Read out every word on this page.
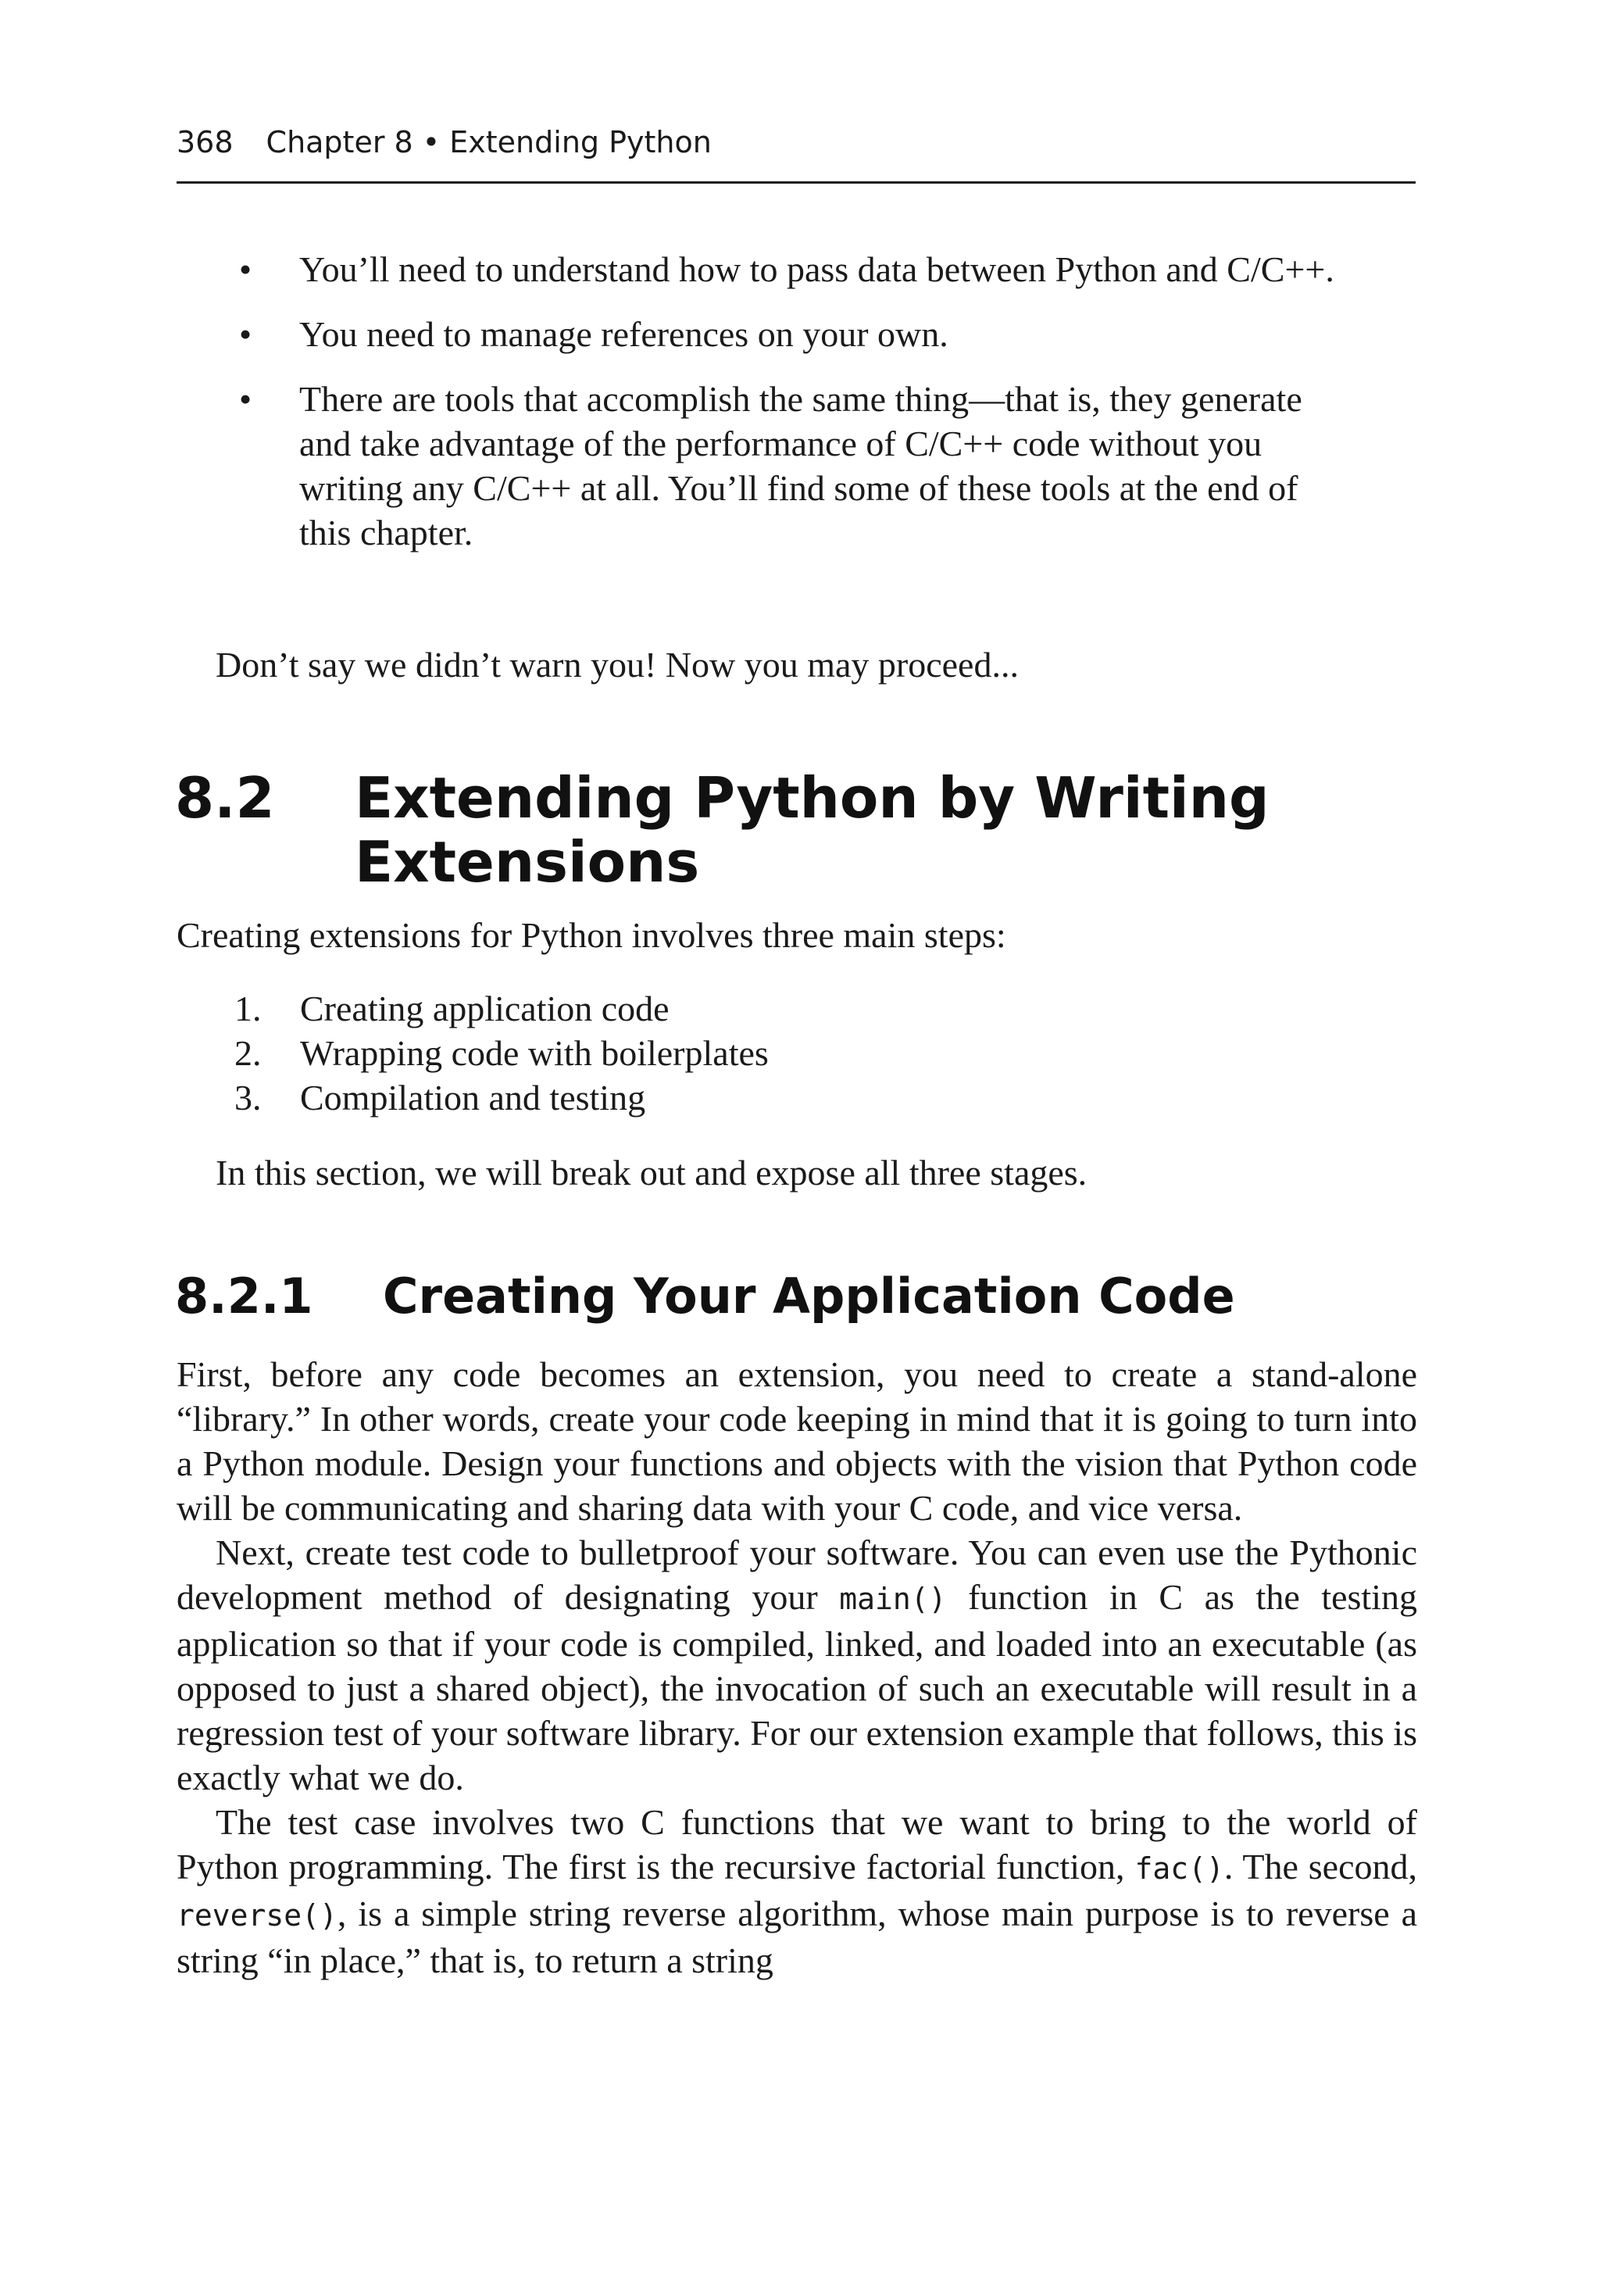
368 Chapter 8 • Extending Python
• You’ll need to understand how to pass data between Python and C/C++.
• You need to manage references on your own.
• There are tools that accomplish the same thing—that is, they generate and take advantage of the performance of C/C++ code without you writing any C/C++ at all. You’ll find some of these tools at the end of this chapter.

Don’t say we didn’t warn you! Now you may proceed...

8.2 Extending Python by Writing Extensions

Creating extensions for Python involves three main steps:

1. Creating application code
2. Wrapping code with boilerplates
3. Compilation and testing

In this section, we will break out and expose all three stages.

8.2.1 Creating Your Application Code

First, before any code becomes an extension, you need to create a stand-alone “library.” In other words, create your code keeping in mind that it is going to turn into a Python module. Design your functions and objects with the vision that Python code will be communicating and sharing data with your C code, and vice versa.

Next, create test code to bulletproof your software. You can even use the Pythonic development method of designating your main() function in C as the testing application so that if your code is compiled, linked, and loaded into an executable (as opposed to just a shared object), the invocation of such an executable will result in a regression test of your software library. For our extension example that follows, this is exactly what we do.

The test case involves two C functions that we want to bring to the world of Python programming. The first is the recursive factorial function, fac(). The second, reverse(), is a simple string reverse algorithm, whose main purpose is to reverse a string “in place,” that is, to return a string
